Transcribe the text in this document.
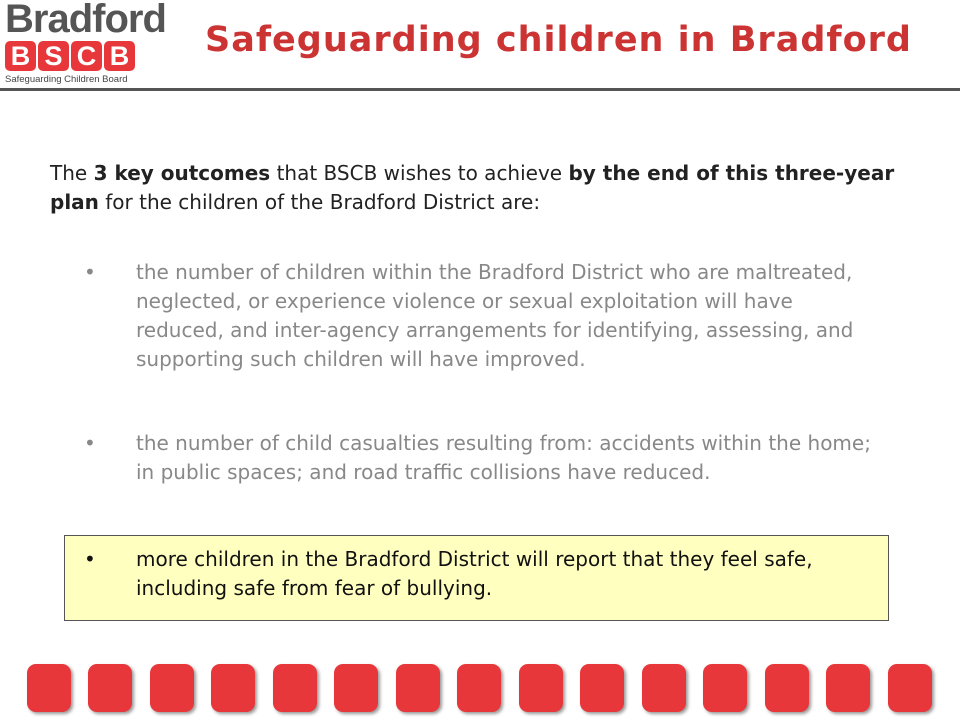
Bradford
B S C B
Safeguarding Children Board
Safeguarding children in Bradford
The 3 key outcomes that BSCB wishes to achieve by the end of this three-year plan for the children of the Bradford District are:
• the number of children within the Bradford District who are maltreated, neglected, or experience violence or sexual exploitation will have reduced, and inter-agency arrangements for identifying, assessing, and supporting such children will have improved.
• the number of child casualties resulting from: accidents within the home; in public spaces; and road traffic collisions have reduced.
• more children in the Bradford District will report that they feel safe, including safe from fear of bullying.
